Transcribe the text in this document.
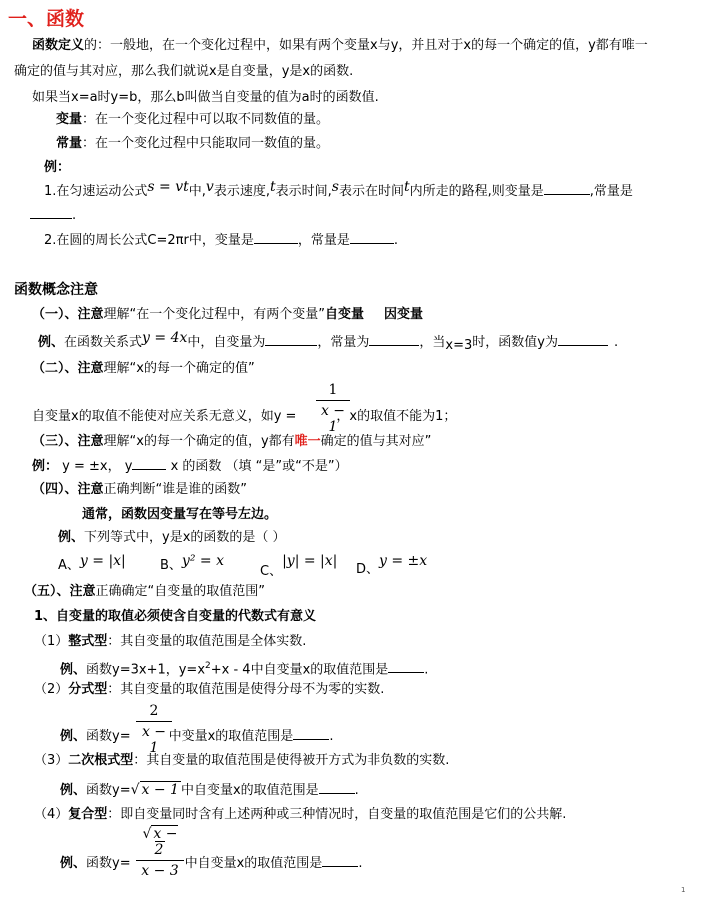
一、函数
函数定义的：一般地，在一个变化过程中，如果有两个变量x与y，并且对于x的每一个确定的值，y都有唯一
确定的值与其对应，那么我们就说x是自变量，y是x的函数.
如果当x=a时y=b，那么b叫做当自变量的值为a时的函数值.
变量：在一个变化过程中可以取不同数值的量。
常量：在一个变化过程中只能取同一数值的量。
例：
1.在匀速运动公式s = vt中,v表示速度,t表示时间,s表示在时间t内所走的路程,则变量是	,常量是
.
2.在圆的周长公式C=2πr中，变量是	，常量是	.
函数概念注意
（一）、注意理解“在一个变化过程中，有两个变量”自变量 因变量
例、在函数关系式y = 4x中，自变量为	，常量为	，当x=3时，函数值y为	.
（二）、注意理解“x的每一个确定的值”
1
x − 1
自变量x的取值不能使对应关系无意义，如y =	，x的取值不能为1；
（三）、注意理解“x的每一个确定的值，y都有唯一确定的值与其对应”
例： y = ±x， y	x 的函数 （填 “是”或“不是”）
（四）、注意正确判断“谁是谁的函数”
通常，函数因变量写在等号左边。
例、下列等式中，y是x的函数的是（ ）
A、y = |x|	B、y² = x
C、|y| = |x|
D、y = ±x
（五）、注意正确确定“自变量的取值范围”
1、自变量的取值必须使含自变量的代数式有意义
（1）整式型：其自变量的取值范围是全体实数.
例、函数y=3x+1，$y=x^2+x - 4$中自变量x的取值范围是	.
（2）分式型：其自变量的取值范围是使得分母不为零的实数.
2
x − 1
例、函数y=	中变量x的取值范围是	.
（3）二次根式型：其自变量的取值范围是使得被开方式为非负数的实数.
例、函数y=√ x − 1 中自变量x的取值范围是	.
（4）复合型：即自变量同时含有上述两种或三种情况时，自变量的取值范围是它们的公共解.
√ x − 2
x − 3
例、函数y=	中自变量x的取值范围是	.
1
